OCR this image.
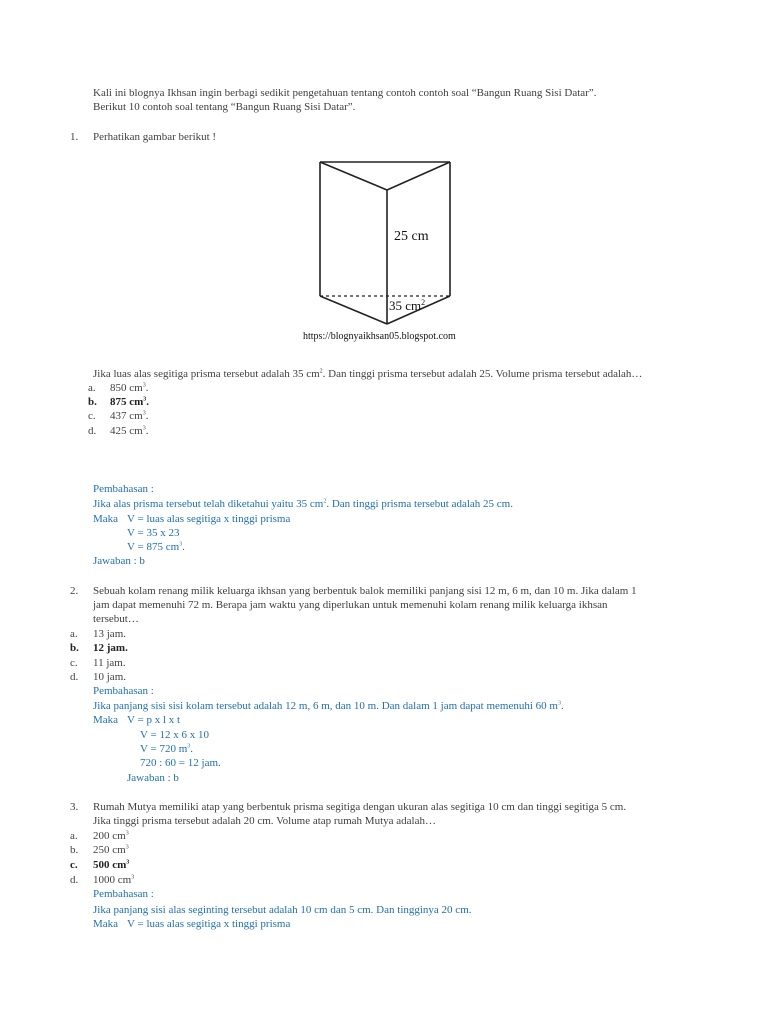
Kali ini blognya Ikhsan ingin berbagi sedikit pengetahuan tentang contoh contoh soal “Bangun Ruang Sisi Datar”.
Berikut 10 contoh soal tentang “Bangun Ruang Sisi Datar”.
1. Perhatikan gambar berikut !
25 cm
35 $cm^2$
https://blognyaikhsan05.blogspot.com
Jika luas alas segitiga prisma tersebut adalah 35 $cm^2$. Dan tinggi prisma tersebut adalah 25. Volume prisma tersebut adalah…
a. 850 $cm^3$.
b. 875 $cm^3$.
c. 437 $cm^3$.
d. 425 $cm^3$.
Pembahasan :
Jika alas prisma tersebut telah diketahui yaitu 35 $cm^2$. Dan tinggi prisma tersebut adalah 25 cm.
Maka V = luas alas segitiga x tinggi prisma
V = 35 x 23
V = 875 $cm^3$.
Jawaban : b
2. Sebuah kolam renang milik keluarga ikhsan yang berbentuk balok memiliki panjang sisi 12 m, 6 m, dan 10 m. Jika dalam 1
jam dapat memenuhi 72 m. Berapa jam waktu yang diperlukan untuk memenuhi kolam renang milik keluarga ikhsan
tersebut…
a. 13 jam.
b. 12 jam.
c. 11 jam.
d. 10 jam.
Pembahasan :
Jika panjang sisi sisi kolam tersebut adalah 12 m, 6 m, dan 10 m. Dan dalam 1 jam dapat memenuhi 60 $m^3$.
Maka V = p x l x t
V = 12 x 6 x 10
V = 720 $m^3$.
720 : 60 = 12 jam.
Jawaban : b
3. Rumah Mutya memiliki atap yang berbentuk prisma segitiga dengan ukuran alas segitiga 10 cm dan tinggi segitiga 5 cm.
Jika tinggi prisma tersebut adalah 20 cm. Volume atap rumah Mutya adalah…
a. 200 $cm^3$
b. 250 $cm^3$
c. 500 $cm^3$
d. 1000 $cm^3$
Pembahasan :
Jika panjang sisi alas seginting tersebut adalah 10 cm dan 5 cm. Dan tingginya 20 cm.
Maka V = luas alas segitiga x tinggi prisma
